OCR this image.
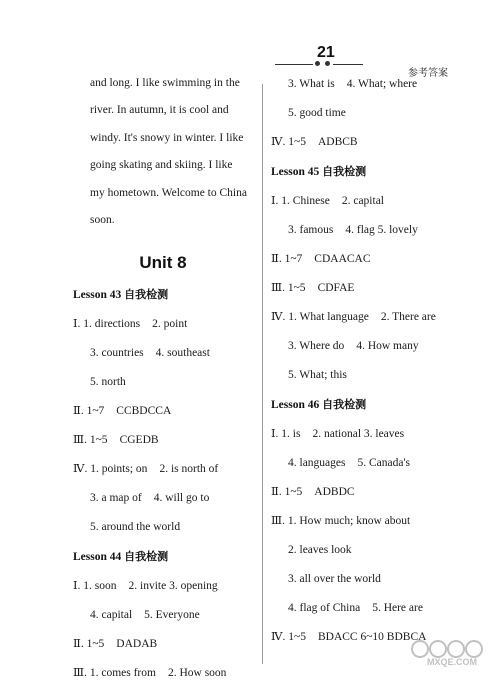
21
参考答案
and long. I like swimming in the
river. In autumn, it is cool and
windy. It's snowy in winter. I like
going skating and skiing. I like
my hometown. Welcome to China
soon.
Unit 8
Lesson 43 自我检测
Ⅰ. 1. directions 2. point
3. countries 4. southeast
5. north
Ⅱ. 1~7 CCBDCCA
Ⅲ. 1~5 CGEDB
Ⅳ. 1. points; on 2. is north of
3. a map of 4. will go to
5. around the world
Lesson 44 自我检测
Ⅰ. 1. soon 2. invite 3. opening
4. capital 5. Everyone
Ⅱ. 1~5 DADAB
Ⅲ. 1. comes from 2. How soon
3. What is 4. What; where
5. good time
Ⅳ. 1~5 ADBCB
Lesson 45 自我检测
Ⅰ. 1. Chinese 2. capital
3. famous 4. flag 5. lovely
Ⅱ. 1~7 CDAACAC
Ⅲ. 1~5 CDFAE
Ⅳ. 1. What language 2. There are
3. Where do 4. How many
5. What; this
Lesson 46 自我检测
Ⅰ. 1. is 2. national 3. leaves
4. languages 5. Canada's
Ⅱ. 1~5 ADBDC
Ⅲ. 1. How much; know about
2. leaves look
3. all over the world
4. flag of China 5. Here are
Ⅳ. 1~5 BDACC 6~10 BDBCA
MXQE.COM
